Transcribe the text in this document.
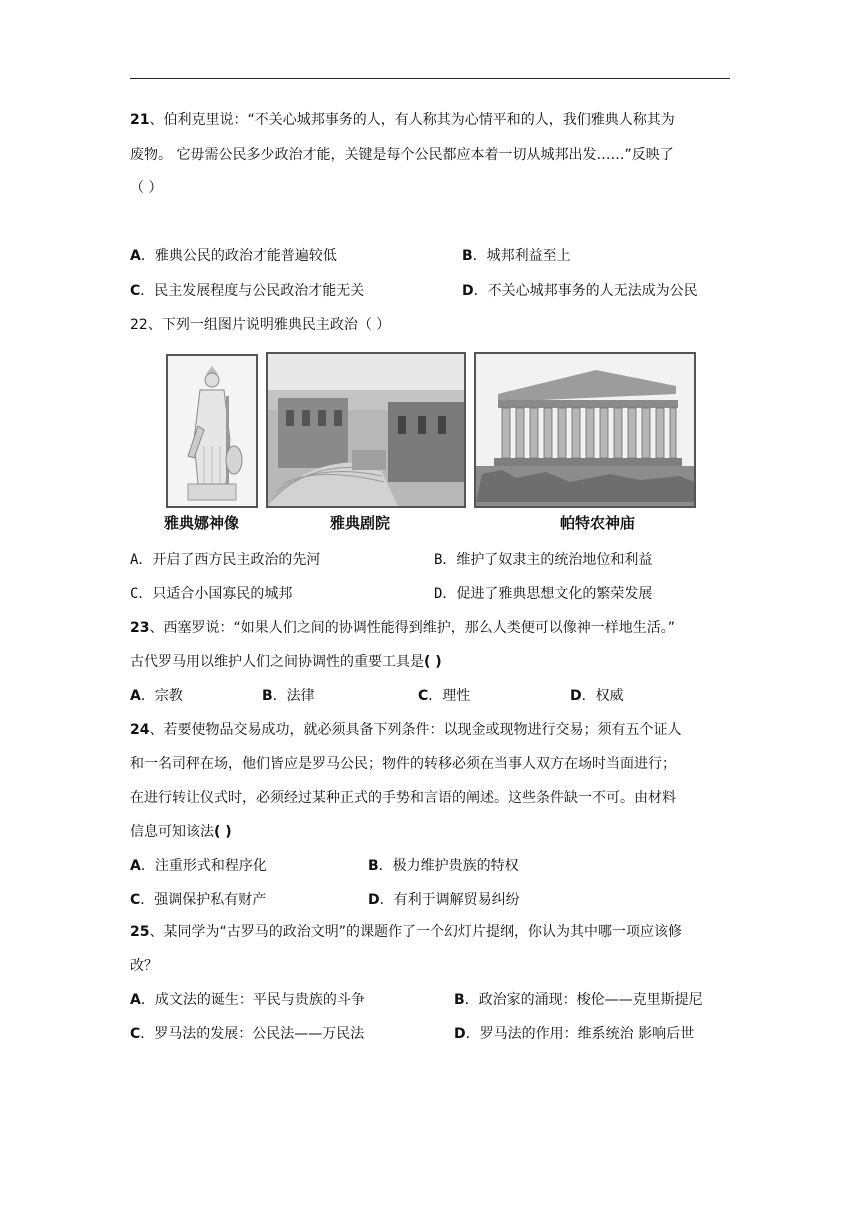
21、伯利克里说：“不关心城邦事务的人，有人称其为心情平和的人，我们雅典人称其为
废物。 它毋需公民多少政治才能，关键是每个公民都应本着一切从城邦出发……”反映了
（ ）
A．雅典公民的政治才能普遍较低	B．城邦利益至上
C．民主发展程度与公民政治才能无关	D．不关心城邦事务的人无法成为公民
22、下列一组图片说明雅典民主政治（ ）
雅典娜神像	雅典剧院	帕特农神庙
A．开启了西方民主政治的先河	B．维护了奴隶主的统治地位和利益
C．只适合小国寡民的城邦	D．促进了雅典思想文化的繁荣发展
23、西塞罗说：“如果人们之间的协调性能得到维护，那么人类便可以像神一样地生活。”
古代罗马用以维护人们之间协调性的重要工具是( )
A．宗教	B．法律	C．理性	D．权威
24、若要使物品交易成功，就必须具备下列条件：以现金或现物进行交易；须有五个证人
和一名司秤在场，他们皆应是罗马公民；物件的转移必须在当事人双方在场时当面进行；
在进行转让仪式时，必须经过某种正式的手势和言语的阐述。这些条件缺一不可。由材料
信息可知该法( )
A．注重形式和程序化	B．极力维护贵族的特权
C．强调保护私有财产	D．有利于调解贸易纠纷
25、某同学为“古罗马的政治文明”的课题作了一个幻灯片提纲，你认为其中哪一项应该修
改？
A．成文法的诞生：平民与贵族的斗争	B．政治家的涌现：梭伦——克里斯提尼
C．罗马法的发展：公民法——万民法	D．罗马法的作用：维系统治 影响后世
